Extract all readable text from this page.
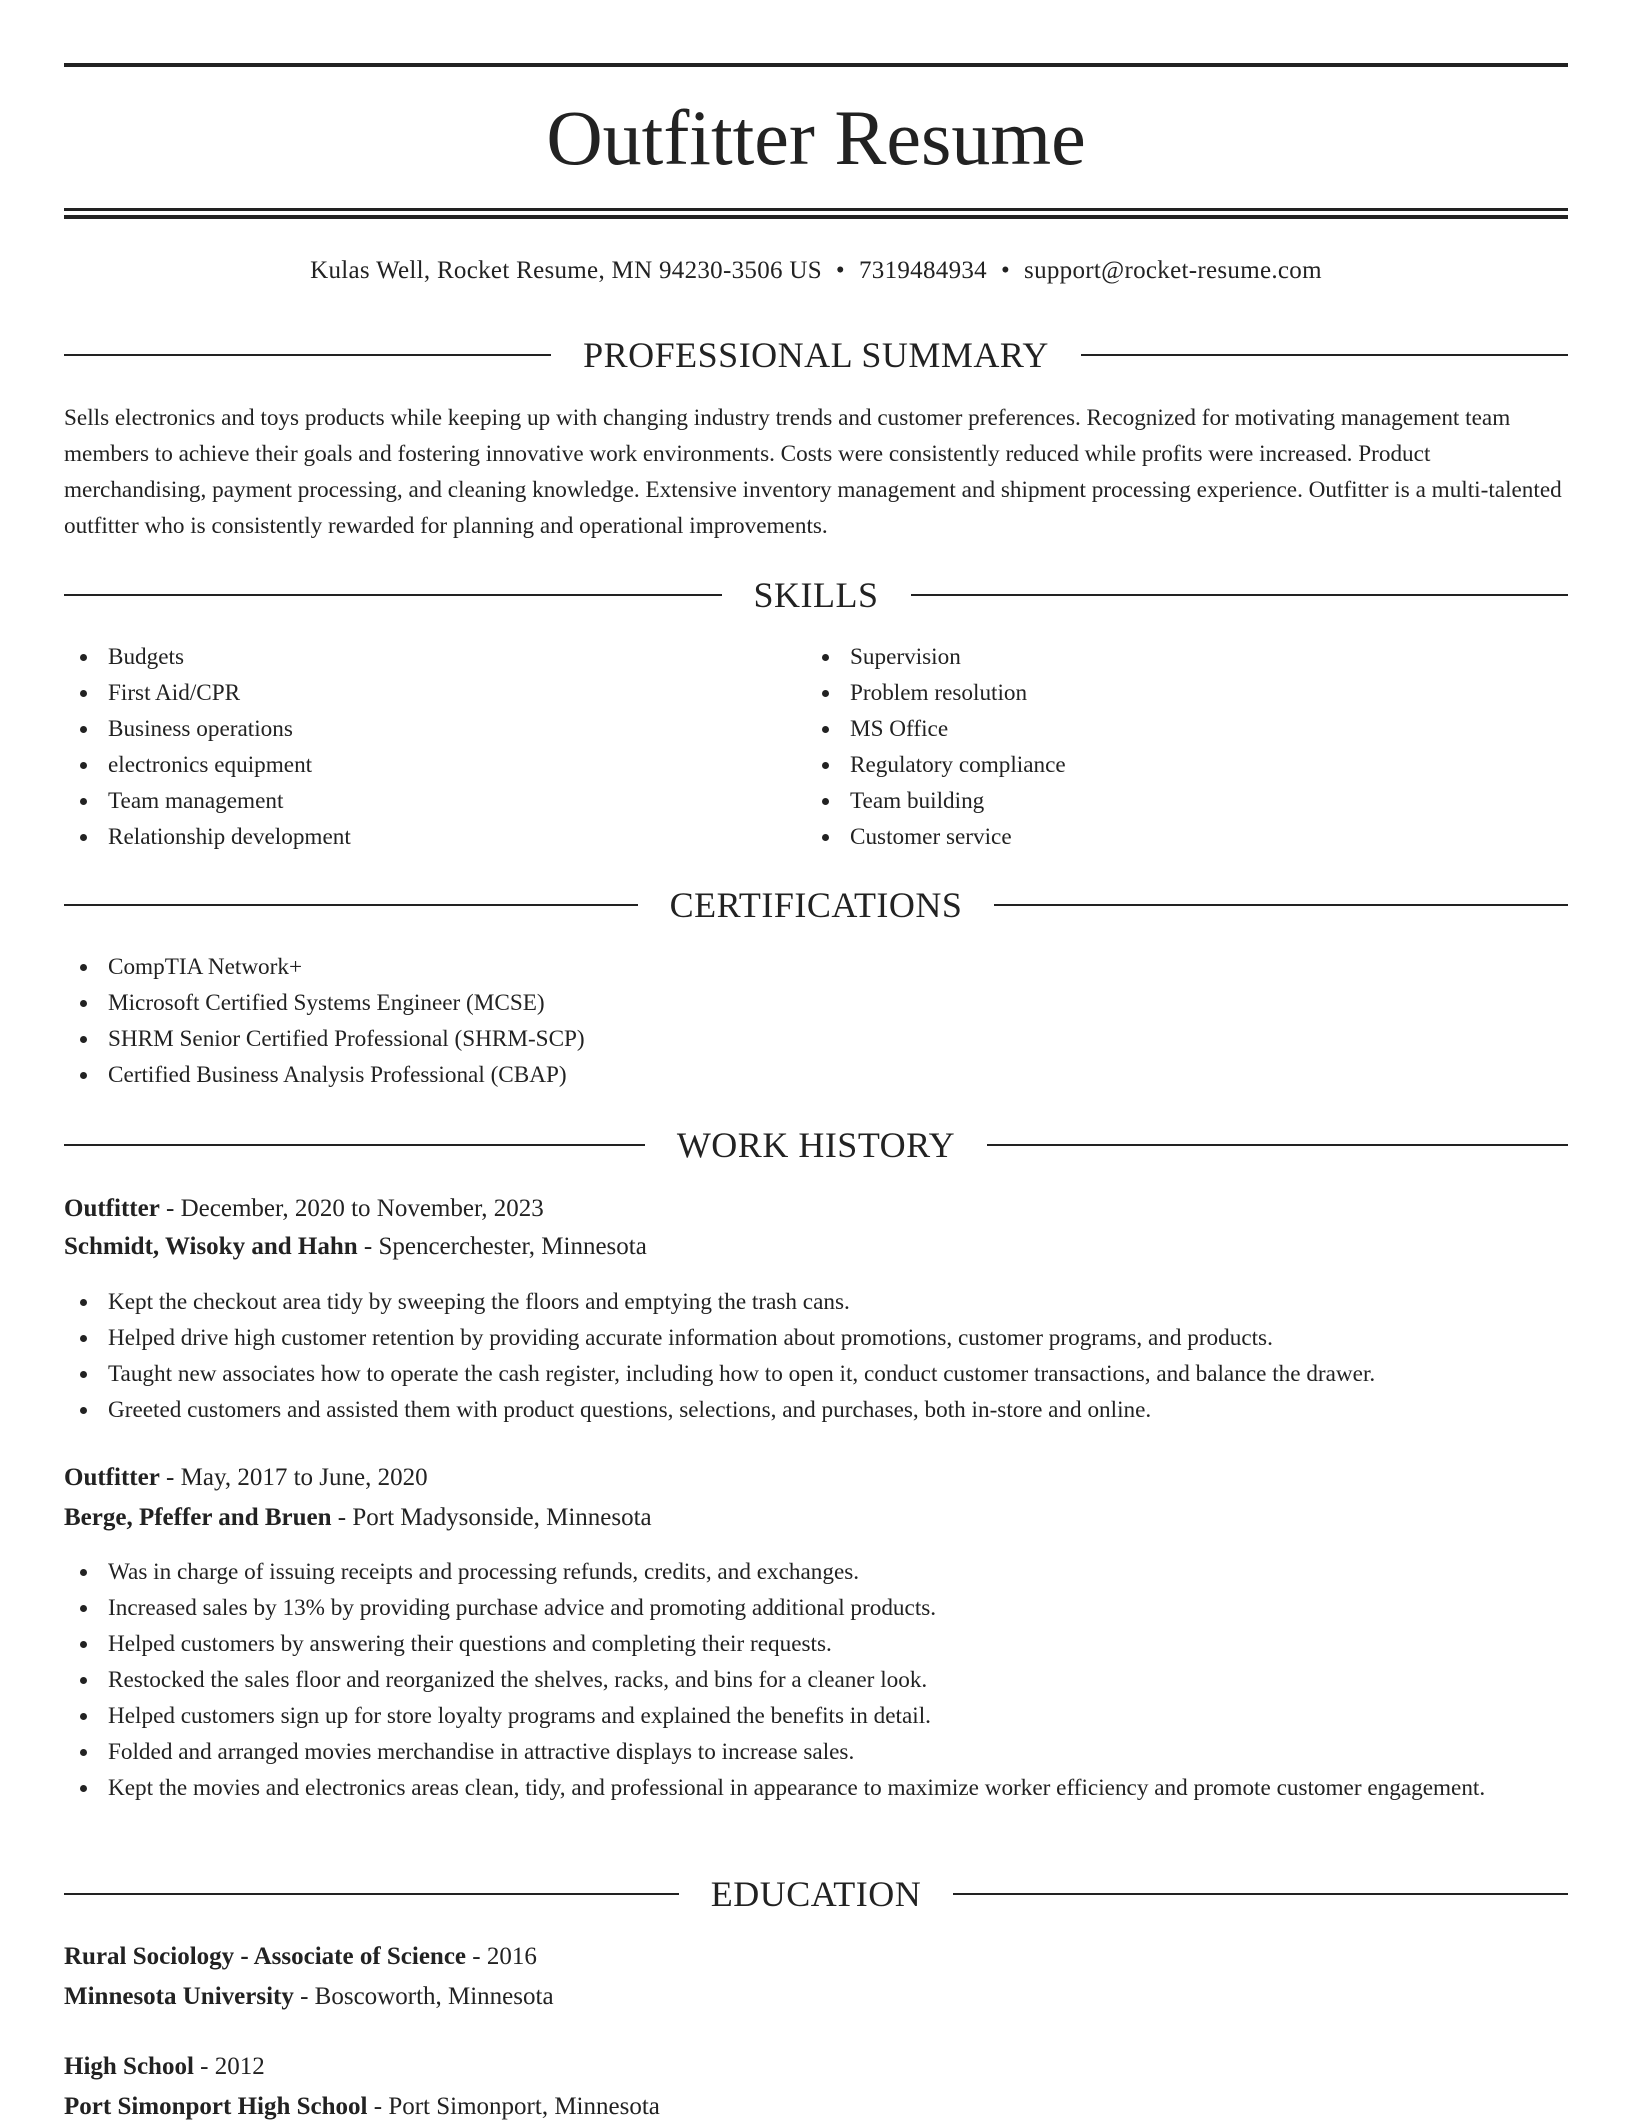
Outfitter Resume
Kulas Well, Rocket Resume, MN 94230-3506 US • 7319484934 • support@rocket-resume.com
PROFESSIONAL SUMMARY

Sells electronics and toys products while keeping up with changing industry trends and customer preferences. Recognized for motivating management team members to achieve their goals and fostering innovative work environments. Costs were consistently reduced while profits were increased. Product merchandising, payment processing, and cleaning knowledge. Extensive inventory management and shipment processing experience. Outfitter is a multi-talented outfitter who is consistently rewarded for planning and operational improvements.

SKILLS
Budgets
First Aid/CPR
Business operations
electronics equipment
Team management
Relationship development
Supervision
Problem resolution
MS Office
Regulatory compliance
Team building
Customer service
CERTIFICATIONS
CompTIA Network+
Microsoft Certified Systems Engineer (MCSE)
SHRM Senior Certified Professional (SHRM-SCP)
Certified Business Analysis Professional (CBAP)
WORK HISTORY
Outfitter - December, 2020 to November, 2023
Schmidt, Wisoky and Hahn - Spencerchester, Minnesota
Kept the checkout area tidy by sweeping the floors and emptying the trash cans.
Helped drive high customer retention by providing accurate information about promotions, customer programs, and products.
Taught new associates how to operate the cash register, including how to open it, conduct customer transactions, and balance the drawer.
Greeted customers and assisted them with product questions, selections, and purchases, both in-store and online.
Outfitter - May, 2017 to June, 2020
Berge, Pfeffer and Bruen - Port Madysonside, Minnesota
Was in charge of issuing receipts and processing refunds, credits, and exchanges.
Increased sales by 13% by providing purchase advice and promoting additional products.
Helped customers by answering their questions and completing their requests.
Restocked the sales floor and reorganized the shelves, racks, and bins for a cleaner look.
Helped customers sign up for store loyalty programs and explained the benefits in detail.
Folded and arranged movies merchandise in attractive displays to increase sales.
Kept the movies and electronics areas clean, tidy, and professional in appearance to maximize worker efficiency and promote customer engagement.
EDUCATION
Rural Sociology - Associate of Science - 2016
Minnesota University - Boscoworth, Minnesota
High School - 2012
Port Simonport High School - Port Simonport, Minnesota
